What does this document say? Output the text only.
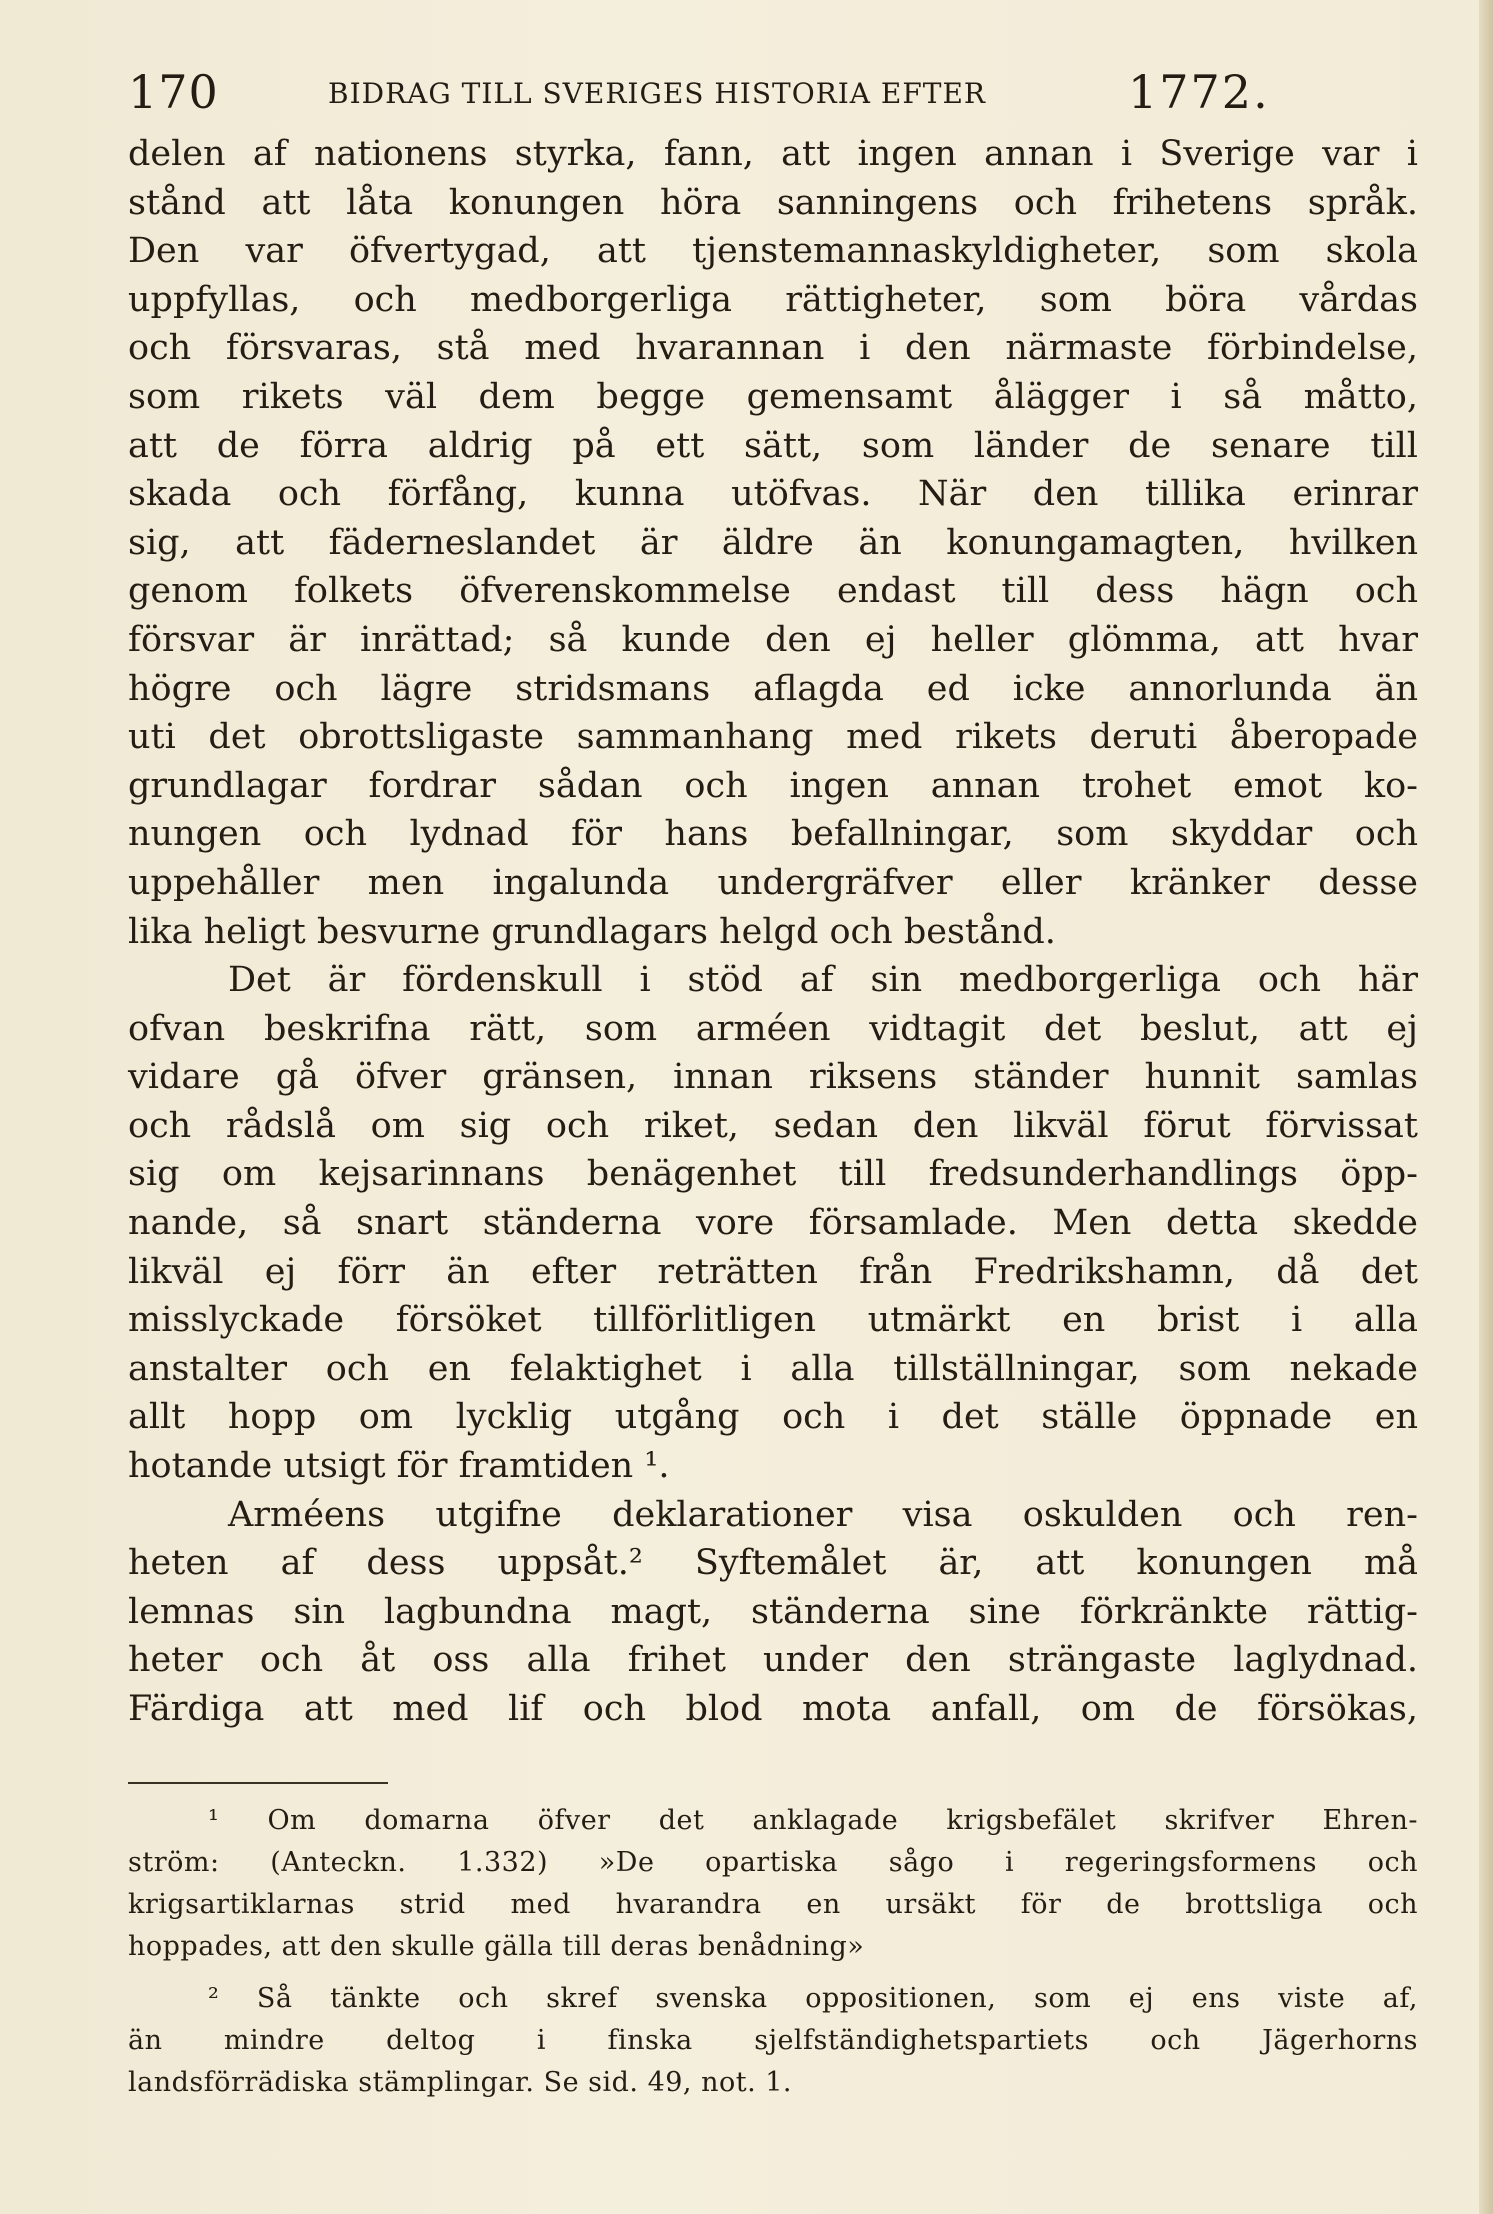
170	BIDRAG TILL SVERIGES HISTORIA EFTER	1772.
delen af nationens styrka, fann, att ingen annan i Sverige var i
stånd att låta konungen höra sanningens och frihetens språk.
Den var öfvertygad, att tjenstemannaskyldigheter, som skola
uppfyllas, och medborgerliga rättigheter, som böra vårdas
och försvaras, stå med hvarannan i den närmaste förbindelse,
som rikets väl dem begge gemensamt ålägger i så måtto,
att de förra aldrig på ett sätt, som länder de senare till
skada och förfång, kunna utöfvas. När den tillika erinrar
sig, att fäderneslandet är äldre än konungamagten, hvilken
genom folkets öfverenskommelse endast till dess hägn och
försvar är inrättad; så kunde den ej heller glömma, att hvar
högre och lägre stridsmans aflagda ed icke annorlunda än
uti det obrottsligaste sammanhang med rikets deruti åberopade
grundlagar fordrar sådan och ingen annan trohet emot ko-
nungen och lydnad för hans befallningar, som skyddar och
uppehåller men ingalunda undergräfver eller kränker desse
lika heligt besvurne grundlagars helgd och bestånd.
Det är fördenskull i stöd af sin medborgerliga och här
ofvan beskrifna rätt, som arméen vidtagit det beslut, att ej
vidare gå öfver gränsen, innan riksens ständer hunnit samlas
och rådslå om sig och riket, sedan den likväl förut förvissat
sig om kejsarinnans benägenhet till fredsunderhandlings öpp-
nande, så snart ständerna vore församlade. Men detta skedde
likväl ej förr än efter reträtten från Fredrikshamn, då det
misslyckade försöket tillförlitligen utmärkt en brist i alla
anstalter och en felaktighet i alla tillställningar, som nekade
allt hopp om lycklig utgång och i det ställe öppnade en
hotande utsigt för framtiden ¹.
Arméens utgifne deklarationer visa oskulden och ren-
heten af dess uppsåt.² Syftemålet är, att konungen må
lemnas sin lagbundna magt, ständerna sine förkränkte rättig-
heter och åt oss alla frihet under den strängaste laglydnad.
Färdiga att med lif och blod mota anfall, om de försökas,
¹ Om domarna öfver det anklagade krigsbefälet skrifver Ehren-
ström: (Anteckn. 1.332) »De opartiska sågo i regeringsformens och
krigsartiklarnas strid med hvarandra en ursäkt för de brottsliga och
hoppades, att den skulle gälla till deras benådning»
² Så tänkte och skref svenska oppositionen, som ej ens viste af,
än mindre deltog i finska sjelfständighetspartiets och Jägerhorns
landsförrädiska stämplingar. Se sid. 49, not. 1.
